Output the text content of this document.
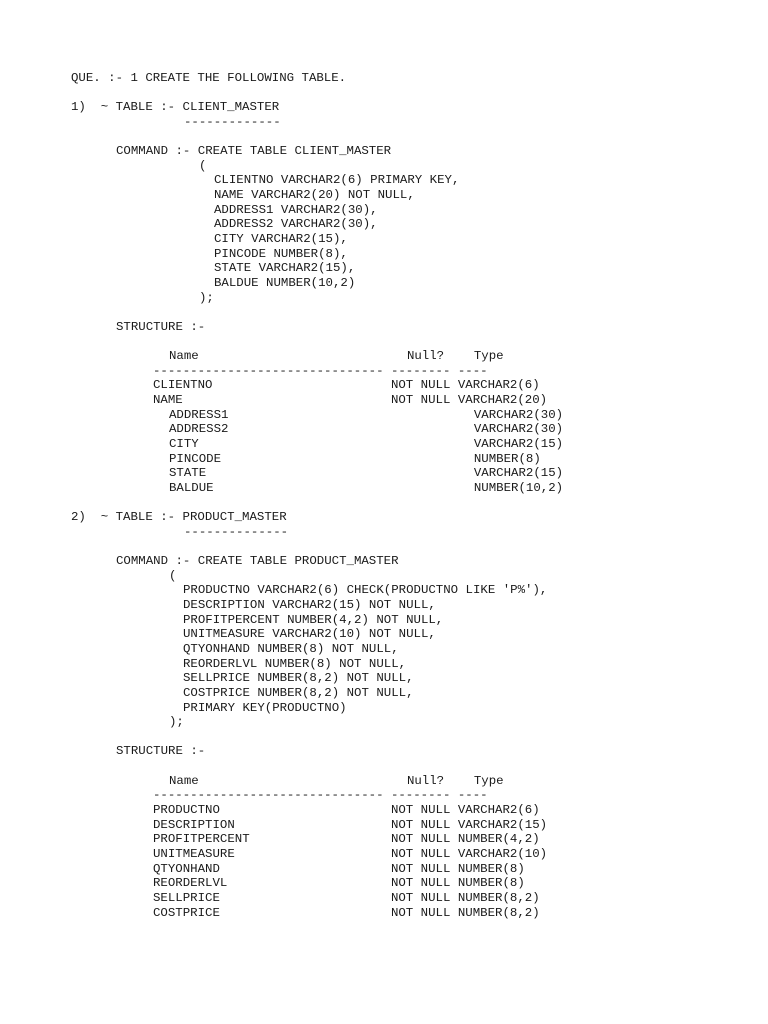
QUE. :- 1 CREATE THE FOLLOWING TABLE.
1)  ~ TABLE :- CLIENT_MASTER
-------------
COMMAND :- CREATE TABLE CLIENT_MASTER
(
CLIENTNO VARCHAR2(6) PRIMARY KEY,
NAME VARCHAR2(20) NOT NULL,
ADDRESS1 VARCHAR2(30),
ADDRESS2 VARCHAR2(30),
CITY VARCHAR2(15),
PINCODE NUMBER(8),
STATE VARCHAR2(15),
BALDUE NUMBER(10,2)
);
STRUCTURE :-
Name                            Null?    Type
------------------------------- -------- ----
CLIENTNO                        NOT NULL VARCHAR2(6)
NAME                            NOT NULL VARCHAR2(20)
ADDRESS1                                 VARCHAR2(30)
ADDRESS2                                 VARCHAR2(30)
CITY                                     VARCHAR2(15)
PINCODE                                  NUMBER(8)
STATE                                    VARCHAR2(15)
BALDUE                                   NUMBER(10,2)
2)  ~ TABLE :- PRODUCT_MASTER
--------------
COMMAND :- CREATE TABLE PRODUCT_MASTER
(
PRODUCTNO VARCHAR2(6) CHECK(PRODUCTNO LIKE 'P%'),
DESCRIPTION VARCHAR2(15) NOT NULL,
PROFITPERCENT NUMBER(4,2) NOT NULL,
UNITMEASURE VARCHAR2(10) NOT NULL,
QTYONHAND NUMBER(8) NOT NULL,
REORDERLVL NUMBER(8) NOT NULL,
SELLPRICE NUMBER(8,2) NOT NULL,
COSTPRICE NUMBER(8,2) NOT NULL,
PRIMARY KEY(PRODUCTNO)
);
STRUCTURE :-
Name                            Null?    Type
------------------------------- -------- ----
PRODUCTNO                       NOT NULL VARCHAR2(6)
DESCRIPTION                     NOT NULL VARCHAR2(15)
PROFITPERCENT                   NOT NULL NUMBER(4,2)
UNITMEASURE                     NOT NULL VARCHAR2(10)
QTYONHAND                       NOT NULL NUMBER(8)
REORDERLVL                      NOT NULL NUMBER(8)
SELLPRICE                       NOT NULL NUMBER(8,2)
COSTPRICE                       NOT NULL NUMBER(8,2)
